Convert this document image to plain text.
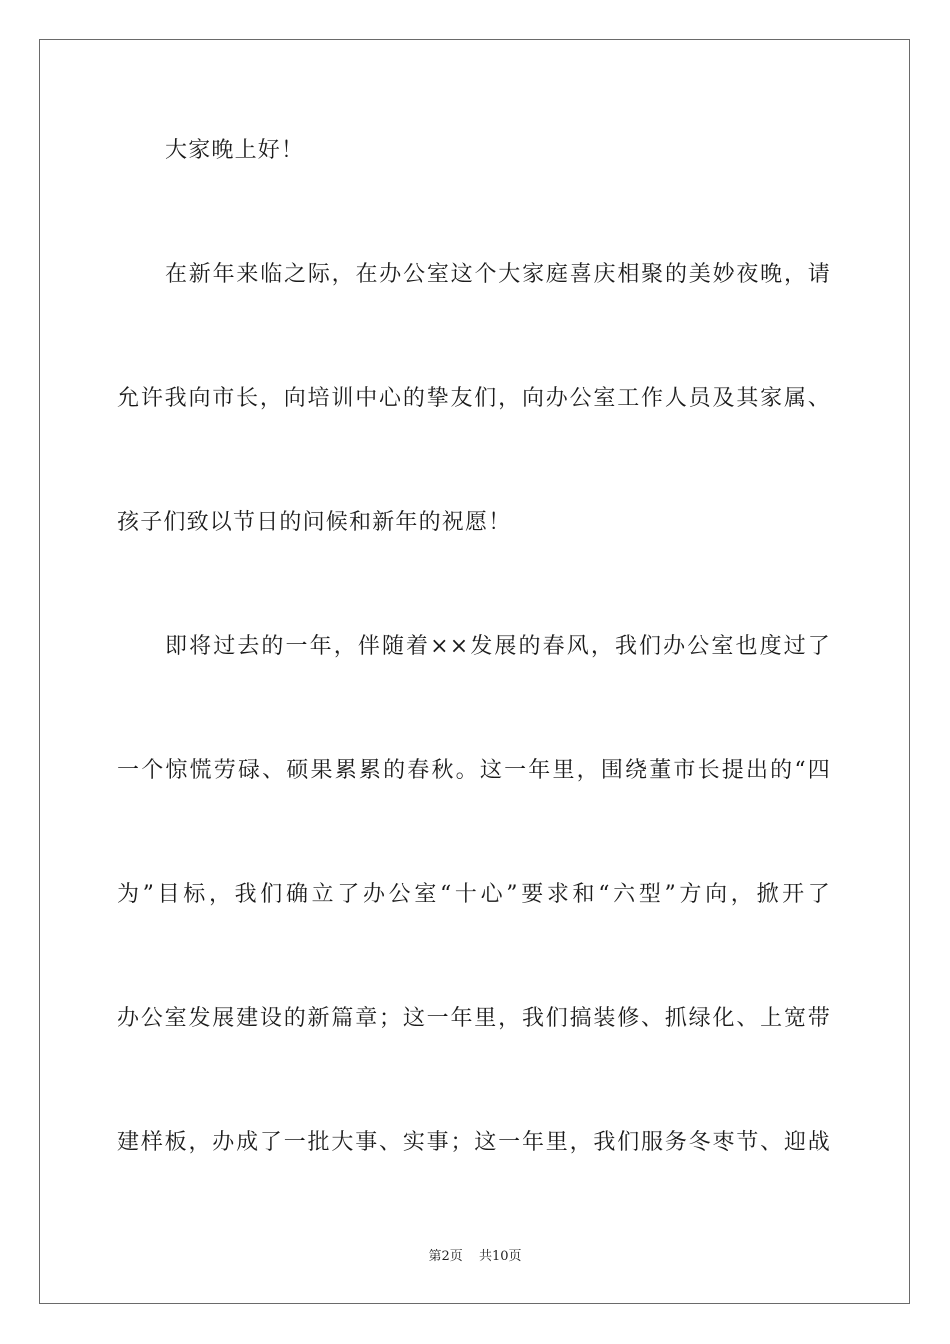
大家晚上好！
在新年来临之际，在办公室这个大家庭喜庆相聚的美妙夜晚，请
允许我向市长，向培训中心的挚友们，向办公室工作人员及其家属、
孩子们致以节日的问候和新年的祝愿！
即将过去的一年，伴随着××发展的春风，我们办公室也度过了
一个惊慌劳碌、硕果累累的春秋。这一年里，围绕董市长提出的“四
为”目标，我们确立了办公室“十心”要求和“六型”方向，掀开了
办公室发展建设的新篇章；这一年里，我们搞装修、抓绿化、上宽带
建样板，办成了一批大事、实事；这一年里，我们服务冬枣节、迎战
第2页 共10页
